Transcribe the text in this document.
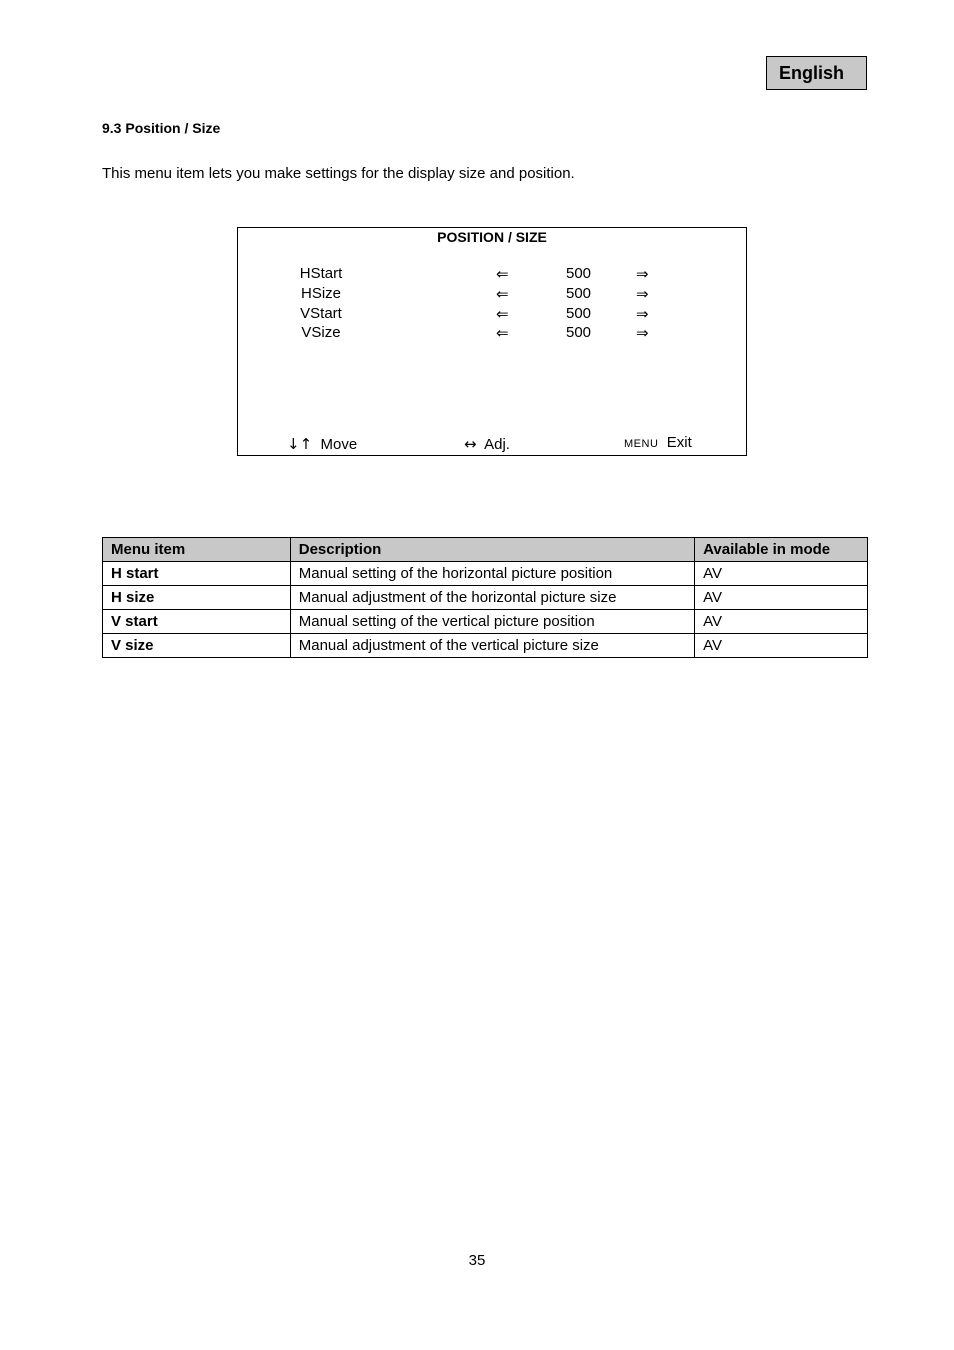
English
9.3 Position / Size
This menu item lets you make settings for the display size and position.
POSITION / SIZE
HStart	⇐	500	⇒
HSize	⇐	500	⇒
VStart	⇐	500	⇒
VSize	⇐	500	⇒
↓↑ Move	↔ Adj.	MENU Exit
Menu item	Description	Available in mode
H start	Manual setting of the horizontal picture position	AV
H size	Manual adjustment of the horizontal picture size	AV
V start	Manual setting of the vertical picture position	AV
V size	Manual adjustment of the vertical picture size	AV
35
